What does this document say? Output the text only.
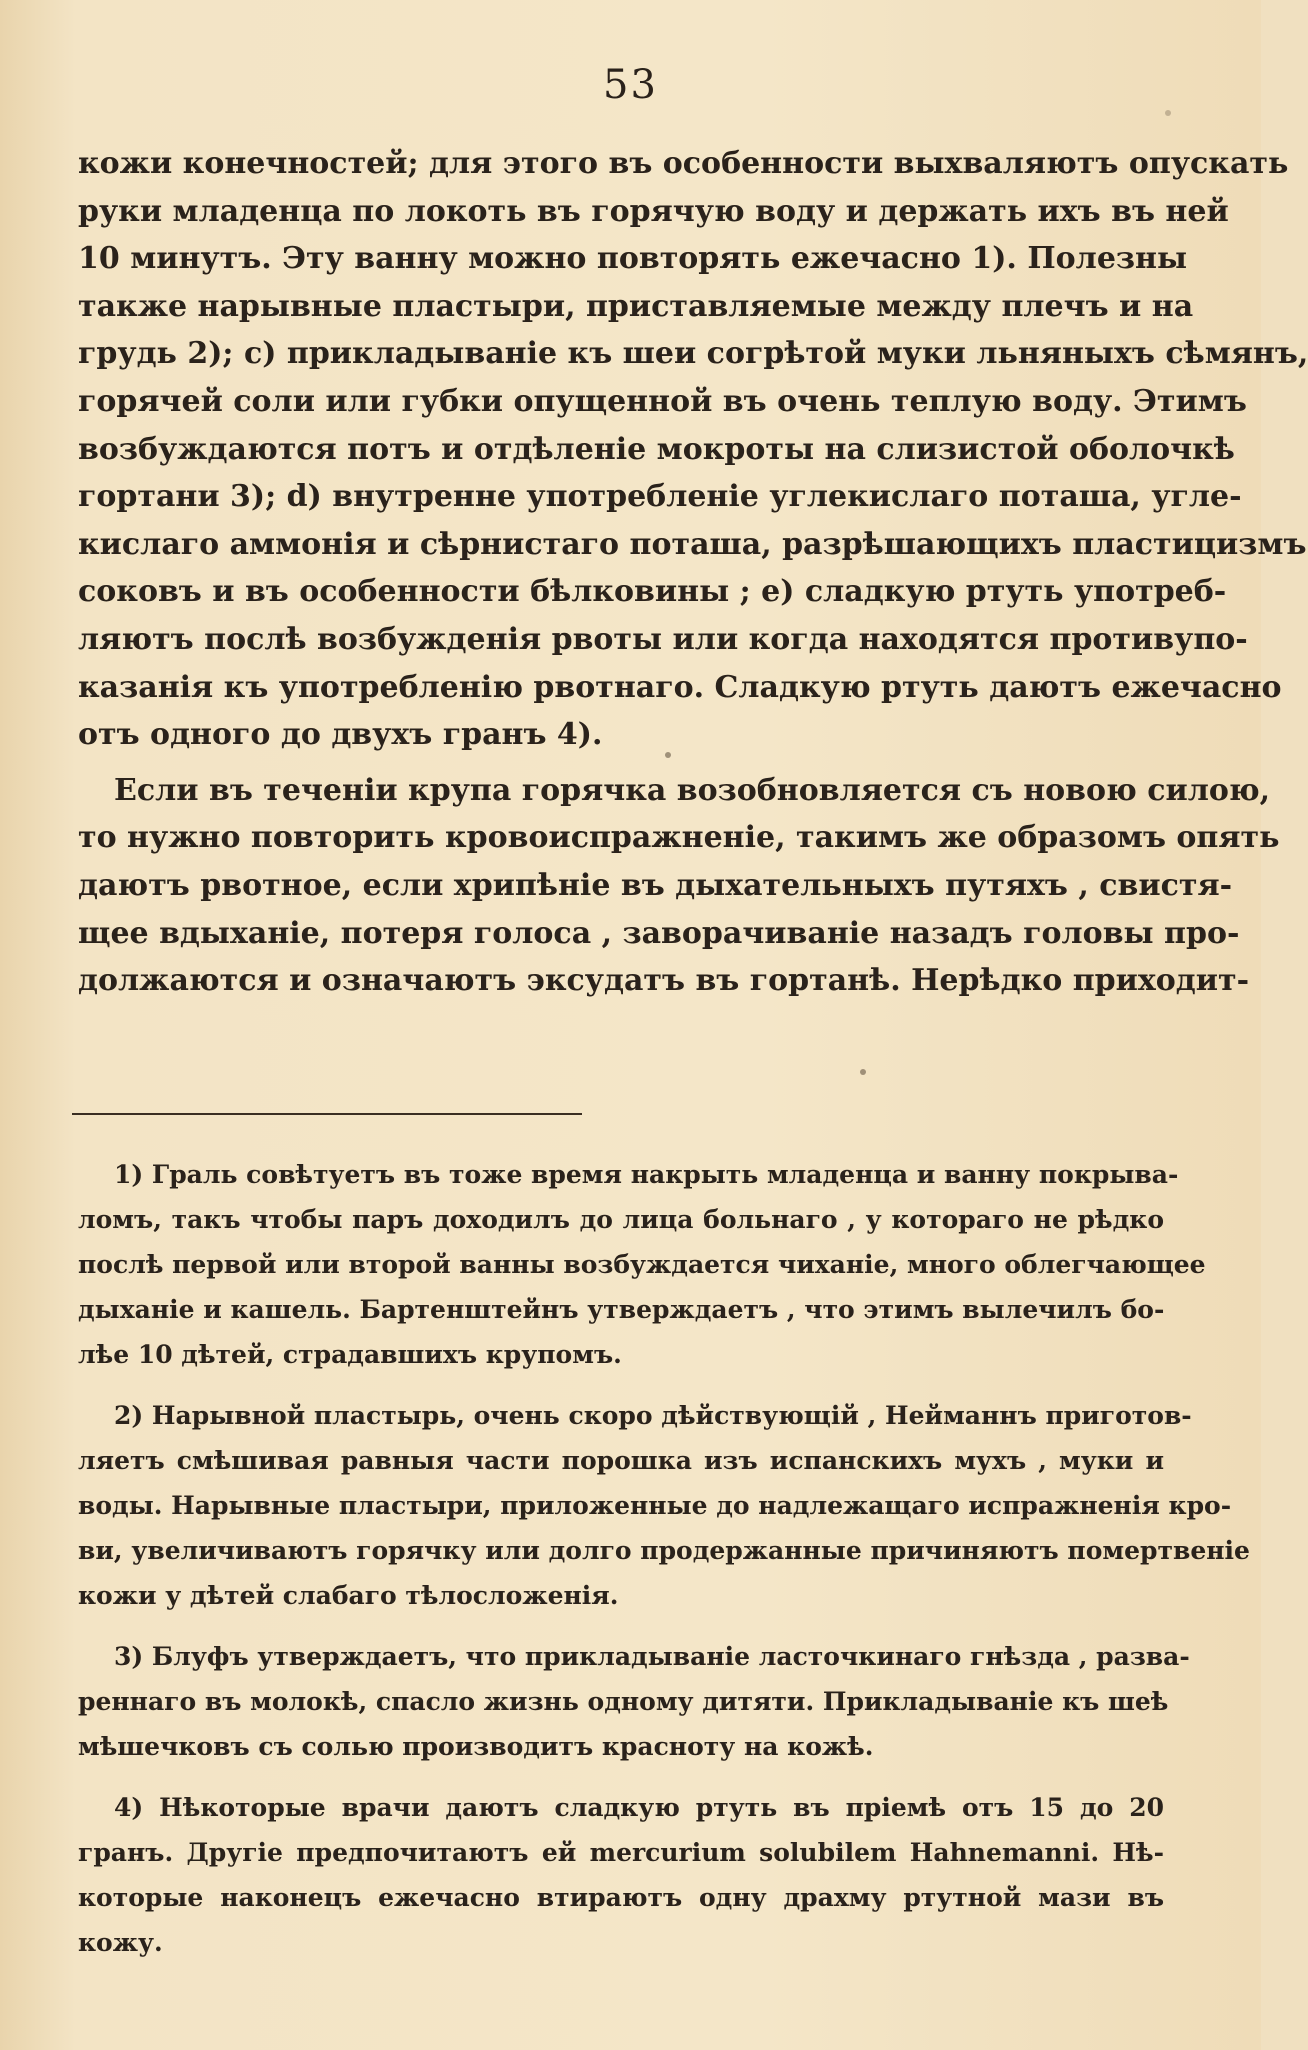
53
кожи конечностей; для этого въ особенности выхваляютъ опускать
руки младенца по локоть въ горячую воду и держать ихъ въ ней
10 минутъ. Эту ванну можно повторять ежечасно 1). Полезны
также нарывные пластыри, приставляемые между плечъ и на
грудь 2); c) прикладываніе къ шеи согрѣтой муки льняныхъ сѣмянъ,
горячей соли или губки опущенной въ очень теплую воду. Этимъ
возбуждаются потъ и отдѣленіе мокроты на слизистой оболочкѣ
гортани 3); d) внутренне употребленіе углекислаго поташа, угле-
кислаго аммонія и сѣрнистаго поташа, разрѣшающихъ пластицизмъ
соковъ и въ особенности бѣлковины ; e) сладкую ртуть употреб-
ляютъ послѣ возбужденія рвоты или когда находятся противупо-
казанія къ употребленію рвотнаго. Сладкую ртуть даютъ ежечасно
отъ одного до двухъ гранъ 4).
Если въ теченіи крупа горячка возобновляется съ новою силою,
то нужно повторить кровоиспражненіе, такимъ же образомъ опять
даютъ рвотное, если хрипѣніе въ дыхательныхъ путяхъ , свистя-
щее вдыханіе, потеря голоса , заворачиваніе назадъ головы про-
должаются и означаютъ эксудатъ въ гортанѣ. Нерѣдко приходит-
1) Граль совѣтуетъ въ тоже время накрыть младенца и ванну покрыва-
ломъ, такъ чтобы паръ доходилъ до лица больнаго , у котораго не рѣдко
послѣ первой или второй ванны возбуждается чиханіе, много облегчающее
дыханіе и кашель. Бартенштейнъ утверждаетъ , что этимъ вылечилъ бо-
лѣе 10 дѣтей, страдавшихъ крупомъ.
2) Нарывной пластырь, очень скоро дѣйствующій , Нейманнъ приготов-
ляетъ смѣшивая равныя части порошка изъ испанскихъ мухъ , муки и
воды. Нарывные пластыри, приложенные до надлежащаго испражненія кро-
ви, увеличиваютъ горячку или долго продержанные причиняютъ помертвеніе
кожи у дѣтей слабаго тѣлосложенія.
3) Блуфъ утверждаетъ, что прикладываніе ласточкинаго гнѣзда , развa-
реннаго въ молокѣ, спасло жизнь одному дитяти. Прикладываніе къ шеѣ
мѣшечковъ съ солью производитъ красноту на кожѣ.
4) Нѣкоторые врачи даютъ сладкую ртуть въ пріемѣ отъ 15 до 20
гранъ. Другіе предпочитаютъ ей mercurium solubilem Hahnemanni. Нѣ-
которые наконецъ ежечасно втираютъ одну драхму ртутной мази въ
кожу.
